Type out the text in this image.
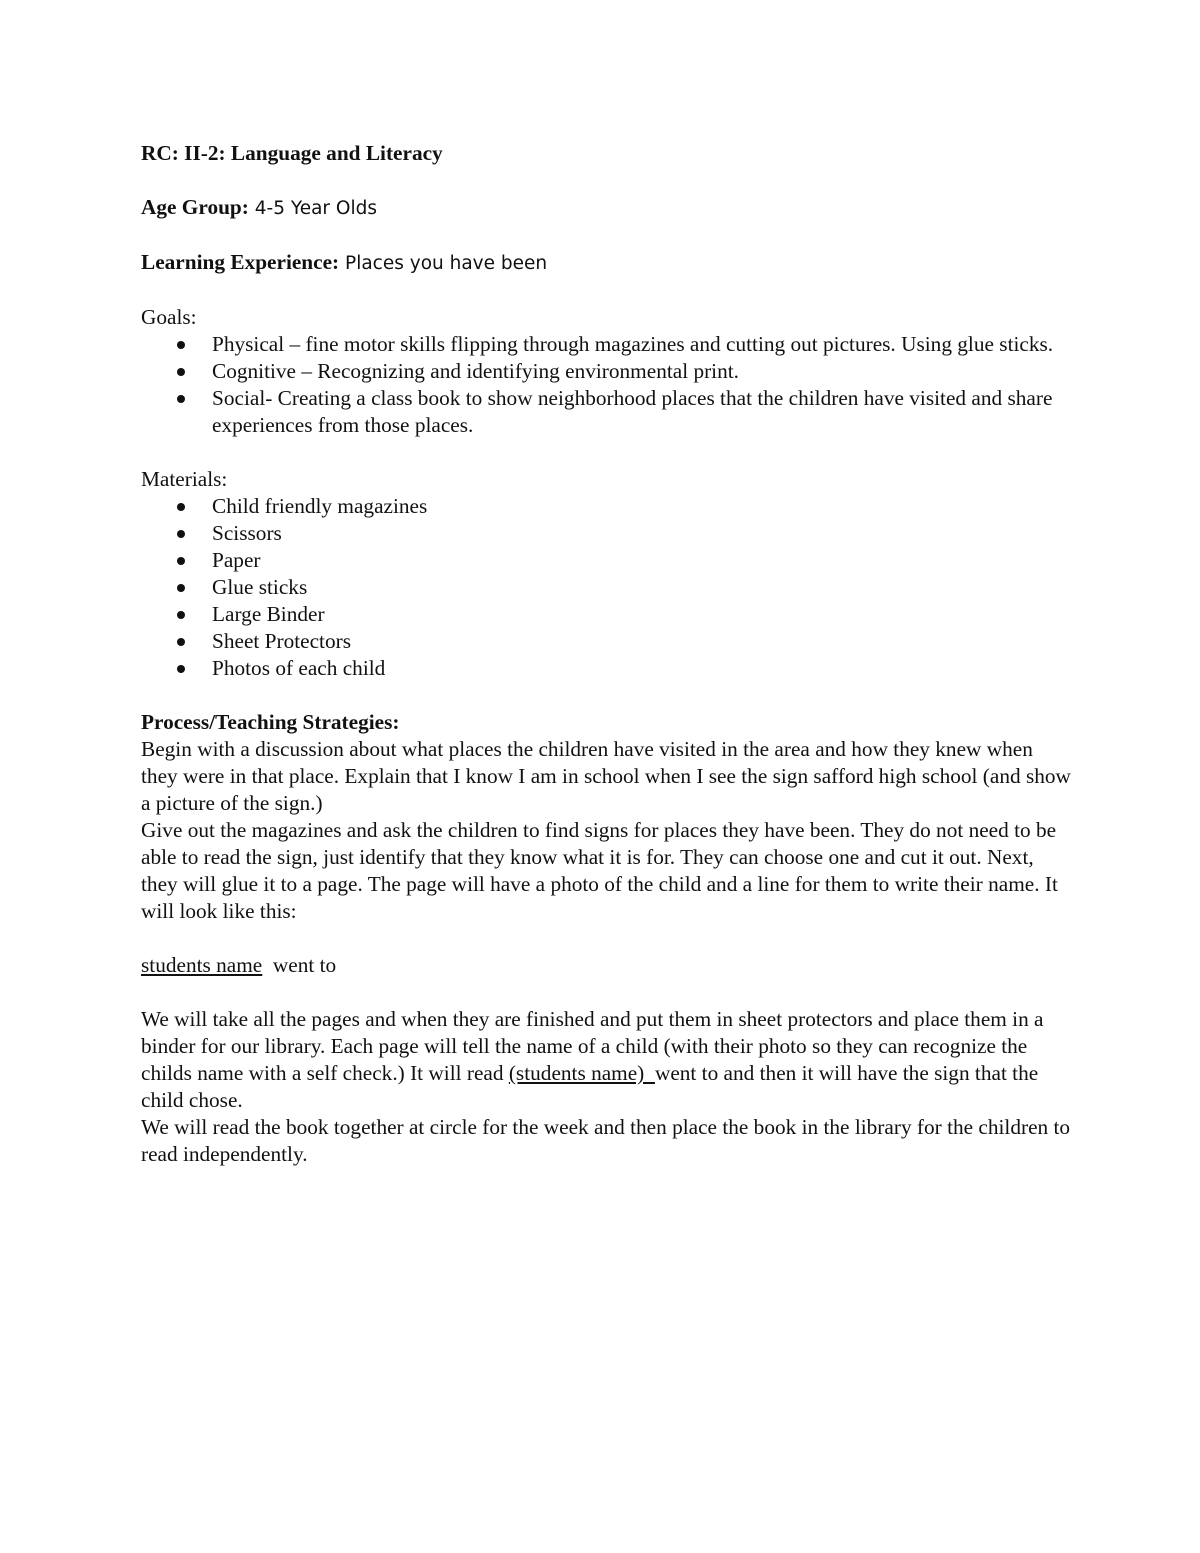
RC: II-2: Language and Literacy

Age Group: 4-5 Year Olds

Learning Experience: Places you have been

Goals:

Physical – fine motor skills flipping through magazines and cutting out pictures. Using glue sticks.
Cognitive – Recognizing and identifying environmental print.
Social- Creating a class book to show neighborhood places that the children have visited and share experiences from those places.

Materials:

Child friendly magazines
Scissors
Paper
Glue sticks
Large Binder
Sheet Protectors
Photos of each child

Process/Teaching Strategies:

Begin with a discussion about what places the children have visited in the area and how they knew when they were in that place. Explain that I know I am in school when I see the sign safford high school (and show a picture of the sign.)

Give out the magazines and ask the children to find signs for places they have been. They do not need to be able to read the sign, just identify that they know what it is for. They can choose one and cut it out. Next, they will glue it to a page. The page will have a photo of the child and a line for them to write their name. It will look like this:

students name  went to

We will take all the pages and when they are finished and put them in sheet protectors and place them in a binder for our library. Each page will tell the name of a child (with their photo so they can recognize the childs name with a self check.) It will read (students name)  went to and then it will have the sign that the child chose.

We will read the book together at circle for the week and then place the book in the library for the children to read independently.
